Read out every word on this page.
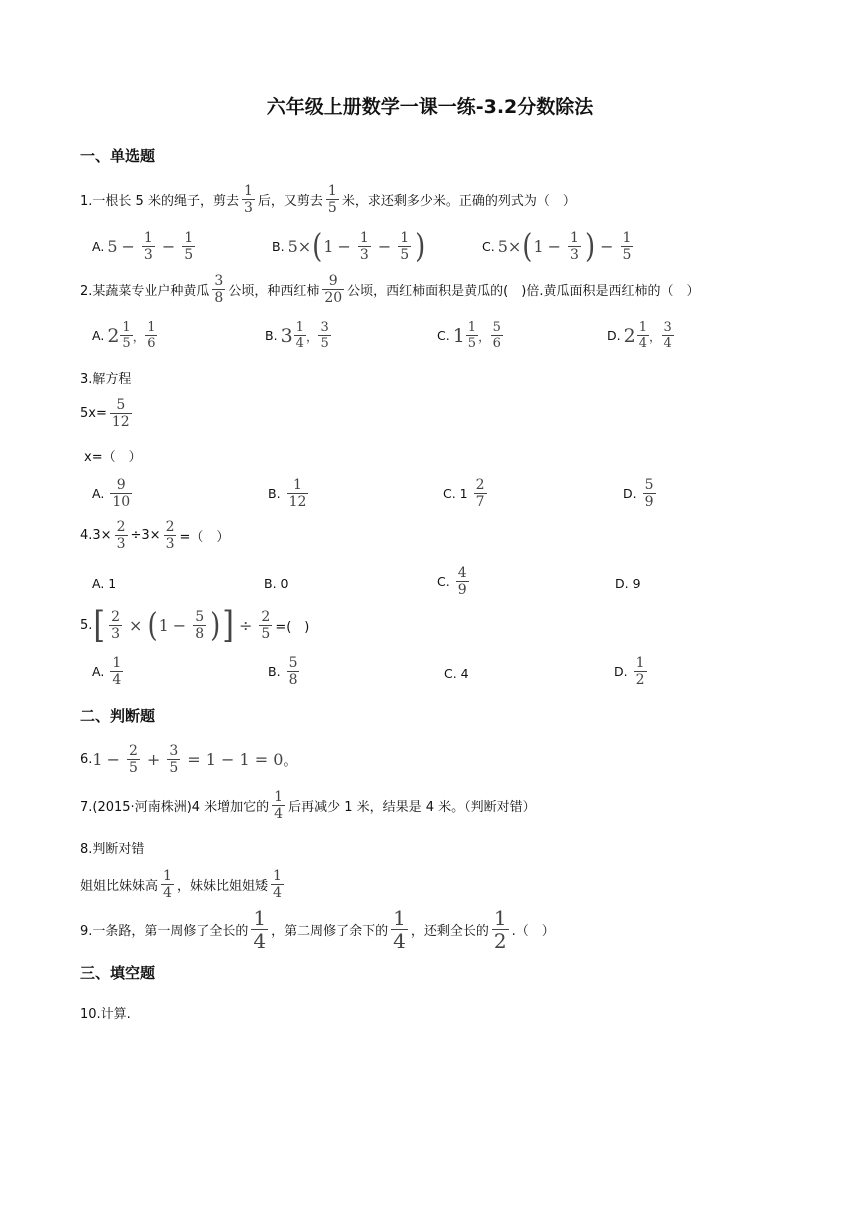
六年级上册数学一课一练-3.2分数除法
一、单选题
1.一根长 5 米的绳子，剪去 $\frac{1}{3}$ 后，又剪去 $\frac{1}{5}$ 米，求还剩多少米。正确的列式为（　）
A. $5 - \frac{1}{3} - \frac{1}{5}$	B. 5× ( $1 - \frac{1}{3} - \frac{1}{5}$ )	C. 5× ( $1 - \frac{1}{3}$ ) − $\frac{1}{5}$
2.某蔬菜专业户种黄瓜 $\frac{3}{8}$ 公顷，种西红柿 $\frac{9}{20}$ 公顷，西红柿面积是黄瓜的(　)倍.黄瓜面积是西红柿的（　）
A. $2 \frac{1}{5}$ ， $\frac{1}{6}$	B. $3 \frac{1}{4}$ ， $\frac{3}{5}$	C. $1 \frac{1}{5}$ ， $\frac{5}{6}$	D. $2 \frac{1}{4}$ ， $\frac{3}{4}$
3.解方程
$5x= \frac{5}{12}$
x=（　）
A. $\frac{9}{10}$	B. $\frac{1}{12}$	C. $1 \frac{2}{7}$	D. $\frac{5}{9}$
$4.3\times \frac{2}{3} \div 3\times \frac{2}{3}$ =（　）
A. 1	B. 0	C. $\frac{4}{9}$	D. 9
5. [ $\frac{2}{3}$ × ( $1 - \frac{5}{8}$ ) ] ÷ $\frac{2}{5}$ =(　)
A. $\frac{1}{4}$	B. $\frac{5}{8}$	C. 4	D. $\frac{1}{2}$
二、判断题
6. $1 - \frac{2}{5} + \frac{3}{5} = 1 - 1 = 0$ 。
7.(2015·河南株洲)4 米增加它的 $\frac{1}{4}$ 后再减少 1 米，结果是 4 米。（判断对错）
8.判断对错
姐姐比妹妹高 $\frac{1}{4}$ ，妹妹比姐姐矮 $\frac{1}{4}$
9.一条路，第一周修了全长的 $\frac{1}{4}$ ，第二周修了余下的 $\frac{1}{4}$ ，还剩全长的 $\frac{1}{2}$ .（　）
三、填空题
10.计算.
